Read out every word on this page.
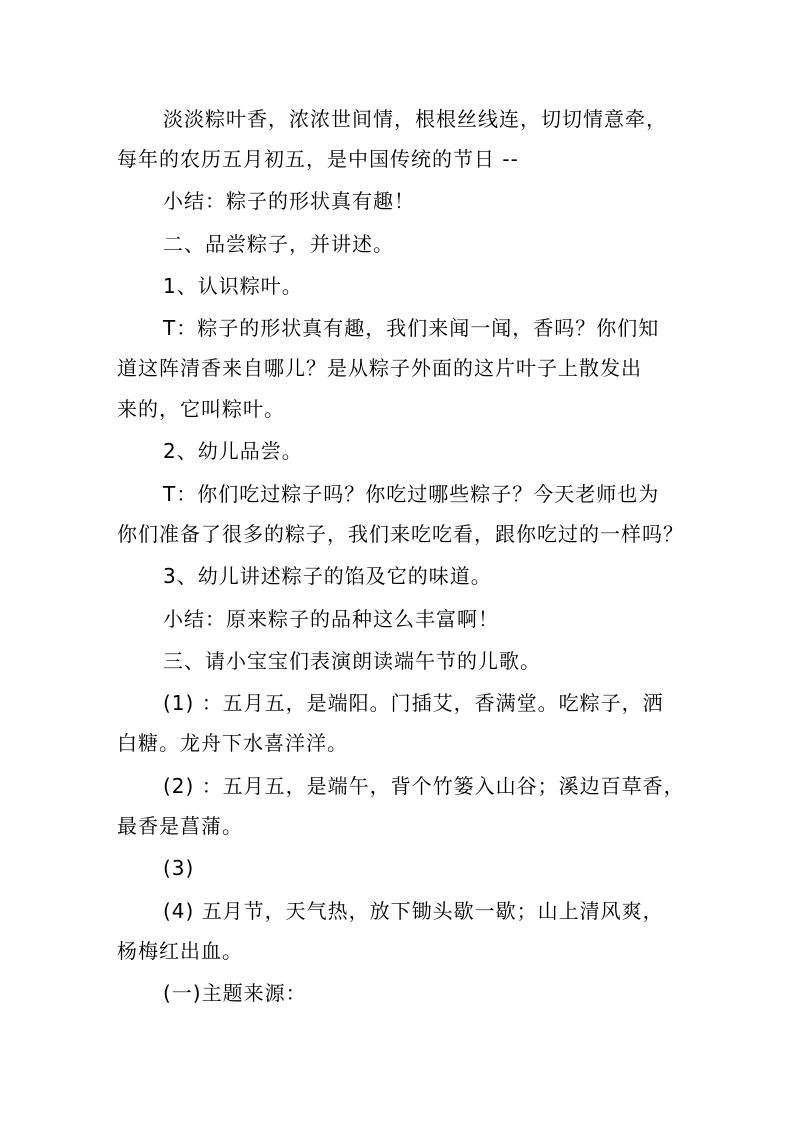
淡淡粽叶香，浓浓世间情，根根丝线连，切切情意牵，
每年的农历五月初五，是中国传统的节日 --
小结：粽子的形状真有趣！
二、品尝粽子，并讲述。
1、认识粽叶。
T：粽子的形状真有趣，我们来闻一闻，香吗？你们知
道这阵清香来自哪儿？是从粽子外面的这片叶子上散发出
来的，它叫粽叶。
2、幼儿品尝。
T：你们吃过粽子吗？你吃过哪些粽子？今天老师也为
你们准备了很多的粽子，我们来吃吃看，跟你吃过的一样吗？
3、幼儿讲述粽子的馅及它的味道。
小结：原来粽子的品种这么丰富啊！
三、请小宝宝们表演朗读端午节的儿歌。
(1) ：五月五，是端阳。门插艾，香满堂。吃粽子，洒
白糖。龙舟下水喜洋洋。
(2) ：五月五，是端午，背个竹篓入山谷；溪边百草香，
最香是菖蒲。
(3)
(4) 五月节，天气热，放下锄头歇一歇；山上清风爽，
杨梅红出血。
(一)主题来源：
